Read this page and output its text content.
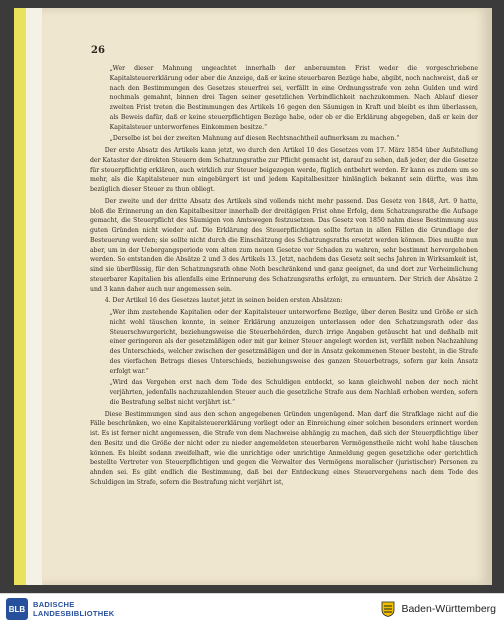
26

„Wer dieser Mahnung ungeachtet innerhalb der anberaumten Frist weder die vorgeschriebene Kapitalsteuererklärung oder aber die Anzeige, daß er keine steuerbaren Bezüge habe, abgibt, noch nachweist, daß er nach den Bestimmungen des Gesetzes steuerfrei sei, verfällt in eine Ordnungsstrafe von zehn Gulden und wird nochmals gemahnt, binnen drei Tagen seiner gesetzlichen Verbindlichkeit nachzukommen. Nach Ablauf dieser zweiten Frist treten die Bestimmungen des Artikels 16 gegen den Säumigen in Kraft und bleibt es ihm überlassen, als Beweis dafür, daß er keine steuerpflichtigen Bezüge habe, oder ob er die Erklärung abgegeben, daß er kein der Kapitalsteuer unterworfenes Einkommen besitze.“

„Derselbe ist bei der zweiten Mahnung auf diesen Rechtsnachtheil aufmerksam zu machen.“

Der erste Absatz des Artikels kann jetzt, wo durch den Artikel 10 des Gesetzes vom 17. März 1854 über Aufstellung der Kataster der direkten Steuern dem Schatzungsrathe zur Pflicht gemacht ist, darauf zu sehen, daß jeder, der die Gesetze für steuerpflichtig erklären, auch wirklich zur Steuer beigezogen werde, füglich entbehrt werden. Er kann es zudem um so mehr, als die Kapitalsteuer nun eingebürgert ist und jedem Kapitalbesitzer hinlänglich bekannt sein dürfte, was ihm bezüglich dieser Steuer zu thun obliegt.

Der zweite und der dritte Absatz des Artikels sind vollends nicht mehr passend. Das Gesetz von 1848, Art. 9 hatte, bloß die Erinnerung an den Kapitalbesitzer innerhalb der dreitägigen Frist ohne Erfolg, dem Schatzungsrathe die Aufsage gemacht, die Steuerpflicht des Säumigen von Amtswegen festzusetzen. Das Gesetz von 1850 nahm diese Bestimmung aus guten Gründen nicht wieder auf. Die Erklärung des Steuerpflichtigen sollte fortan in allen Fällen die Grundlage der Besteuerung werden; sie sollte nicht durch die Einschätzung des Schatzungsraths ersetzt werden können. Dies mußte nun aber, um in der Uebergangsperiode vom alten zum neuen Gesetze vor Schaden zu wahren, sehr bestimmt hervorgehoben werden. So entstanden die Absätze 2 und 3 des Artikels 13. Jetzt, nachdem das Gesetz seit sechs Jahren in Wirksamkeit ist, sind sie überflüssig, für den Schatzungsrath ohne Noth beschränkend und ganz geeignet, da und dort zur Verheimlichung steuerbarer Kapitalien bis allenfalls eine Erinnerung des Schatzungsraths erfolgt, zu ermuntern. Der Strich der Absätze 2 und 3 kann daher auch nur angemessen sein.

4. Der Artikel 16 des Gesetzes lautet jetzt in seinen beiden ersten Absätzen:

„Wer ihm zustehende Kapitalien oder der Kapitalsteuer unterworfene Bezüge, über deren Besitz und Größe er sich nicht wohl täuschen konnte, in seiner Erklärung anzuzeigen unterlassen oder den Schatzungsrath oder das Steuerschwurgericht, beziehungsweise die Steuerbehörden, durch irrige Angaben getäuscht hat und deßhalb mit einer geringeren als der gesetzmäßigen oder mit gar keiner Steuer angelegt worden ist, verfällt neben Nachzahlung des Unterschieds, welcher zwischen der gesetzmäßigen und der in Ansatz gekommenen Steuer besteht, in die Strafe des vierfachen Betrags dieses Unterschieds, beziehungsweise des ganzen Steuerbetrags, sofern gar kein Ansatz erfolgt war.“

„Wird das Vergehen erst nach dem Tode des Schuldigen entdeckt, so kann gleichwohl neben der noch nicht verjährten, jedenfalls nachzuzahlenden Steuer auch die gesetzliche Strafe aus dem Nachlaß erhoben werden, sofern die Bestrafung selbst nicht verjährt ist.“

Diese Bestimmungen sind aus den schon angegebenen Gründen ungenügend. Man darf die Strafklage nicht auf die Fälle beschränken, wo eine Kapitalsteuererklärung vorliegt oder an Einreichung einer solchen besonders erinnert worden ist. Es ist ferner nicht angemessen, die Strafe von dem Nachweise abhängig zu machen, daß sich der Steuerpflichtige über den Besitz und die Größe der nicht oder zu nieder angemeldeten steuerbaren Vermögenstheile nicht wohl habe täuschen können. Es bleibt sodann zweifelhaft, wie die unrichtige oder unrichtige Anmeldung gegen gesetzliche oder gerichtlich bestellte Vertreter von Steuerpflichtigen und gegen die Verwalter des Vermögens moralischer (juristischer) Personen zu ahnden sei. Es gibt endlich die Bestimmung, daß bei der Entdeckung eines Steuervergehens nach dem Tode des Schuldigen im Strafe, sofern die Bestrafung nicht verjährt ist,

BLB	BADISCHE
LANDESBIBLIOTHEK	Baden-Württemberg
